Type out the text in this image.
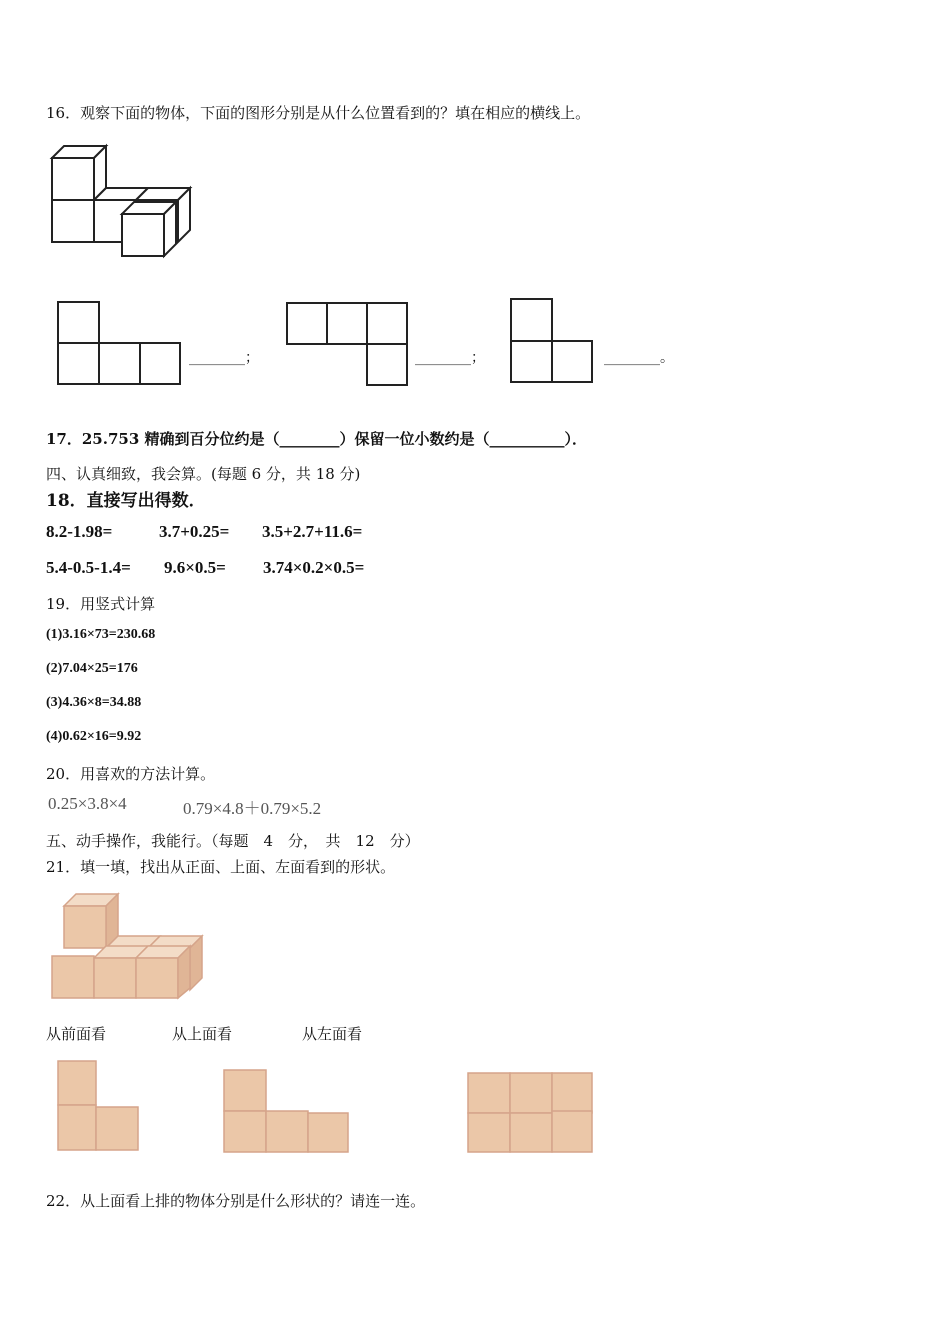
16．观察下面的物体，下面的图形分别是从什么位置看到的？填在相应的横线上。
________；	________；	________。
17．25.753 精确到百分位约是（________）保留一位小数约是（__________）．
四、认真细致，我会算。(每题 6 分，共 18 分)
18．直接写出得数．
8.2-1.98=	3.7+0.25= 3.5+2.7+11.6=
5.4-0.5-1.4= 9.6×0.5= 3.74×0.2×0.5=
19．用竖式计算
(1)3.16×73=230.68
(2)7.04×25=176
(3)4.36×8=34.88
(4)0.62×16=9.92
20．用喜欢的方法计算。
0.25×3.8×4	0.79×4.8＋0.79×5.2
五、动手操作，我能行。（每题　4　分，　共　12　分）
21．填一填，找出从正面、上面、左面看到的形状。
从前面看	从上面看	从左面看
22．从上面看上排的物体分别是什么形状的？请连一连。
